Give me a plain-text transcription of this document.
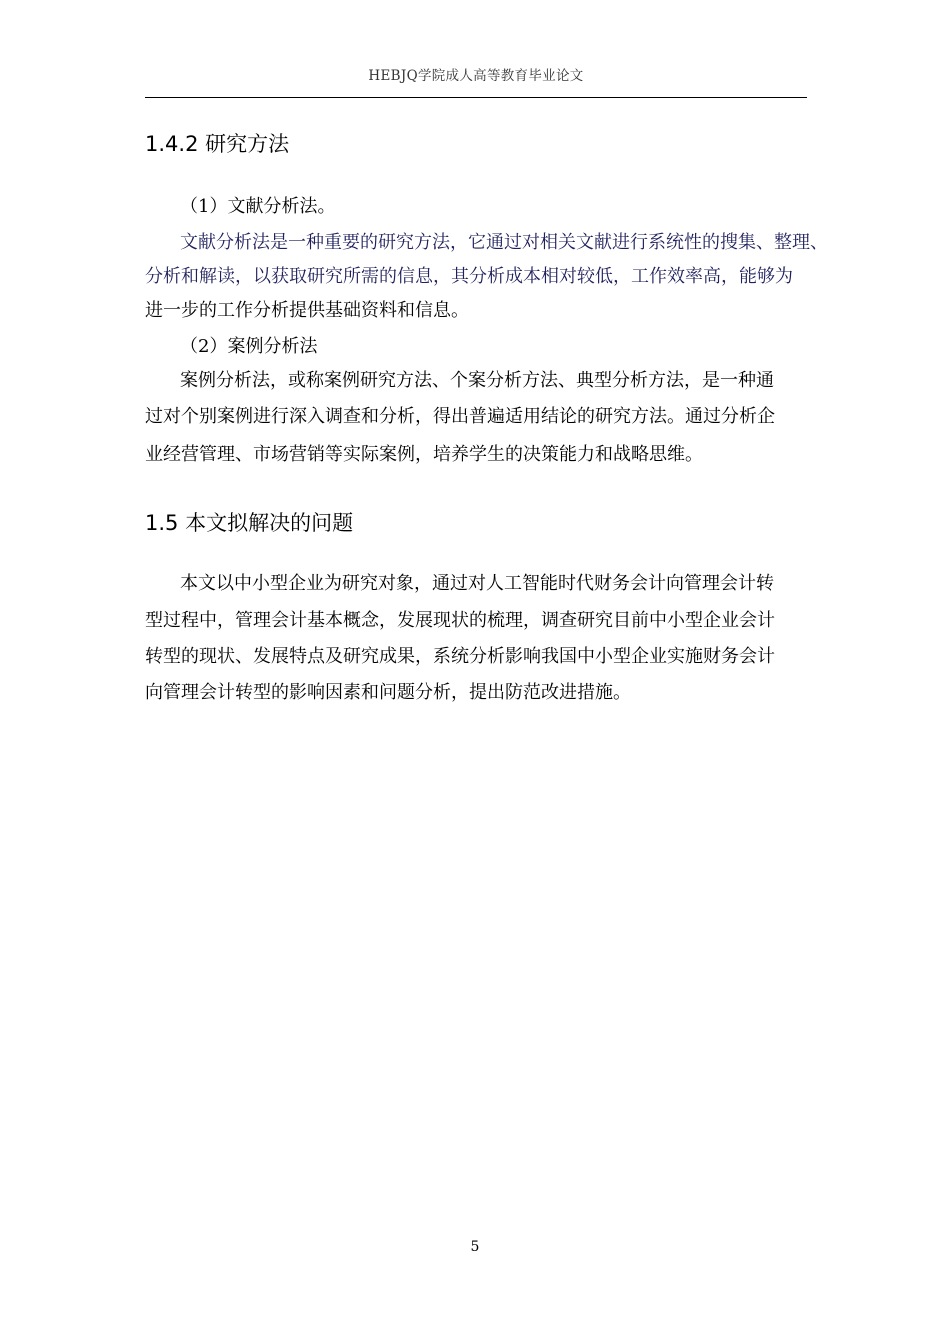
HEBJQ学院成人高等教育毕业论文
1.4.2 研究方法
（1）文献分析法。
文献分析法是一种重要的研究方法，它通过对相关文献进行系统性的搜集、整理、
分析和解读，以获取研究所需的信息，其分析成本相对较低，工作效率高，能够为
进一步的工作分析提供基础资料和信息。
（2）案例分析法
案例分析法，或称案例研究方法、个案分析方法、典型分析方法，是一种通
过对个别案例进行深入调查和分析，得出普遍适用结论的研究方法。通过分析企
业经营管理、市场营销等实际案例，培养学生的决策能力和战略思维。
1.5 本文拟解决的问题
本文以中小型企业为研究对象，通过对人工智能时代财务会计向管理会计转
型过程中，管理会计基本概念，发展现状的梳理，调查研究目前中小型企业会计
转型的现状、发展特点及研究成果，系统分析影响我国中小型企业实施财务会计
向管理会计转型的影响因素和问题分析，提出防范改进措施。
5
